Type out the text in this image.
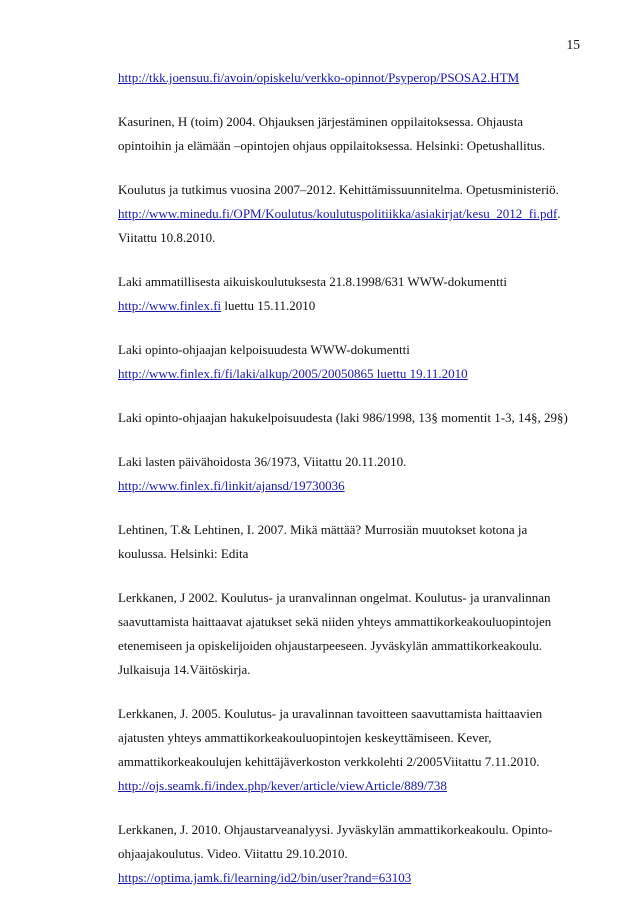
15
http://tkk.joensuu.fi/avoin/opiskelu/verkko-opinnot/Psyperop/PSOSA2.HTM
Kasurinen, H (toim) 2004. Ohjauksen järjestäminen oppilaitoksessa. Ohjausta
opintoihin ja elämään –opintojen ohjaus oppilaitoksessa. Helsinki: Opetushallitus.
Koulutus ja tutkimus vuosina 2007–2012. Kehittämissuunnitelma. Opetusministeriö.
http://www.minedu.fi/OPM/Koulutus/koulutuspolitiikka/asiakirjat/kesu_2012_fi.pdf.
Viitattu 10.8.2010.
Laki ammatillisesta aikuiskoulutuksesta 21.8.1998/631 WWW-dokumentti
http://www.finlex.fi luettu 15.11.2010
Laki opinto-ohjaajan kelpoisuudesta WWW-dokumentti
http://www.finlex.fi/fi/laki/alkup/2005/20050865 luettu 19.11.2010
Laki opinto-ohjaajan hakukelpoisuudesta (laki 986/1998, 13§ momentit 1-3, 14§, 29§)
Laki lasten päivähoidosta 36/1973, Viitattu 20.11.2010.
http://www.finlex.fi/linkit/ajansd/19730036
Lehtinen, T.& Lehtinen, I. 2007. Mikä mättää? Murrosiän muutokset kotona ja
koulussa. Helsinki: Edita
Lerkkanen, J 2002. Koulutus- ja uranvalinnan ongelmat. Koulutus- ja uranvalinnan
saavuttamista haittaavat ajatukset sekä niiden yhteys ammattikorkeakouluopintojen
etenemiseen ja opiskelijoiden ohjaustarpeeseen. Jyväskylän ammattikorkeakoulu.
Julkaisuja 14.Väitöskirja.
Lerkkanen, J. 2005. Koulutus- ja uravalinnan tavoitteen saavuttamista haittaavien
ajatusten yhteys ammattikorkeakouluopintojen keskeyttämiseen. Kever,
ammattikorkeakoulujen kehittäjäverkoston verkkolehti 2/2005Viitattu 7.11.2010.
http://ojs.seamk.fi/index.php/kever/article/viewArticle/889/738
Lerkkanen, J. 2010. Ohjaustarveanalyysi. Jyväskylän ammattikorkeakoulu. Opinto-
ohjaajakoulutus. Video. Viitattu 29.10.2010.
https://optima.jamk.fi/learning/id2/bin/user?rand=63103
